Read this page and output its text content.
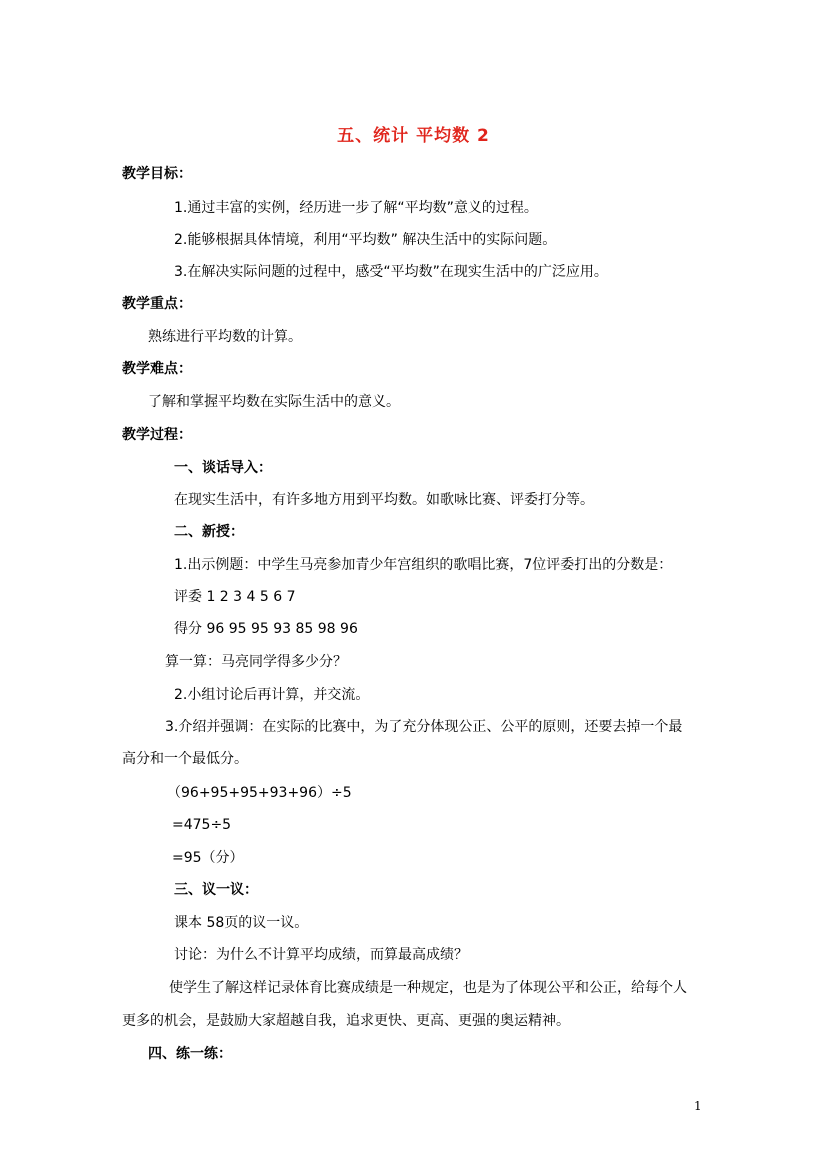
五、统计 平均数 2
教学目标：
1.通过丰富的实例，经历进一步了解“平均数”意义的过程。
2.能够根据具体情境，利用“平均数” 解决生活中的实际问题。
3.在解决实际问题的过程中，感受“平均数”在现实生活中的广泛应用。
教学重点：
熟练进行平均数的计算。
教学难点：
了解和掌握平均数在实际生活中的意义。
教学过程：
一、谈话导入：
在现实生活中，有许多地方用到平均数。如歌咏比赛、评委打分等。
二、新授：
1.出示例题：中学生马亮参加青少年宫组织的歌唱比赛，7位评委打出的分数是：
评委 1 2 3 4 5 6 7
得分 96 95 95 93 85 98 96
算一算：马亮同学得多少分？
2.小组讨论后再计算，并交流。
3.介绍并强调：在实际的比赛中，为了充分体现公正、公平的原则，还要去掉一个最
高分和一个最低分。
（96+95+95+93+96）÷5
=475÷5
=95（分）
三、议一议：
课本 58页的议一议。
讨论：为什么不计算平均成绩，而算最高成绩？
使学生了解这样记录体育比赛成绩是一种规定，也是为了体现公平和公正，给每个人
更多的机会，是鼓励大家超越自我，追求更快、更高、更强的奥运精神。
四、练一练：
1
